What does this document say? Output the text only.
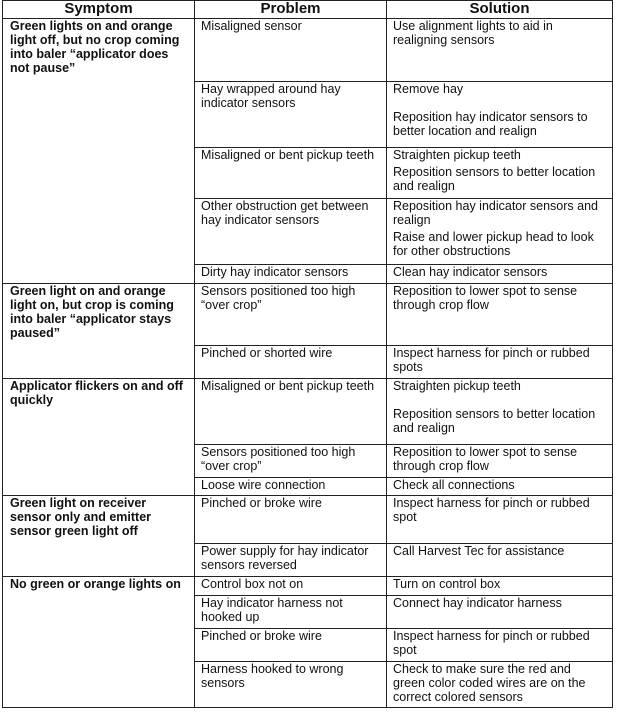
Symptom	Problem	Solution
Green lights on and orange light off, but no crop coming into baler “applicator does not pause”	Misaligned sensor	Use alignment lights to aid in realigning sensors

	Hay wrapped around hay indicator sensors	Remove hay
Reposition hay indicator sensors to better location and realign

	Misaligned or bent pickup teeth	Straighten pickup teeth
Reposition sensors to better location and realign

	Other obstruction get between hay indicator sensors	Reposition hay indicator sensors and realign
Raise and lower pickup head to look for other obstructions

	Dirty hay indicator sensors	Clean hay indicator sensors

Green light on and orange light on, but crop is coming into baler “applicator stays paused”	Sensors positioned too high “over crop”	Reposition to lower spot to sense through crop flow

	Pinched or shorted wire	Inspect harness for pinch or rubbed spots

Applicator flickers on and off quickly	Misaligned or bent pickup teeth	Straighten pickup teeth
Reposition sensors to better location and realign

	Sensors positioned too high “over crop”	Reposition to lower spot to sense through crop flow

	Loose wire connection	Check all connections

Green light on receiver sensor only and emitter sensor green light off	Pinched or broke wire	Inspect harness for pinch or rubbed spot

	Power supply for hay indicator sensors reversed	Call Harvest Tec for assistance

No green or orange lights on	Control box not on	Turn on control box

	Hay indicator harness not hooked up	Connect hay indicator harness

	Pinched or broke wire	Inspect harness for pinch or rubbed spot

	Harness hooked to wrong sensors	Check to make sure the red and green color coded wires are on the correct colored sensors
